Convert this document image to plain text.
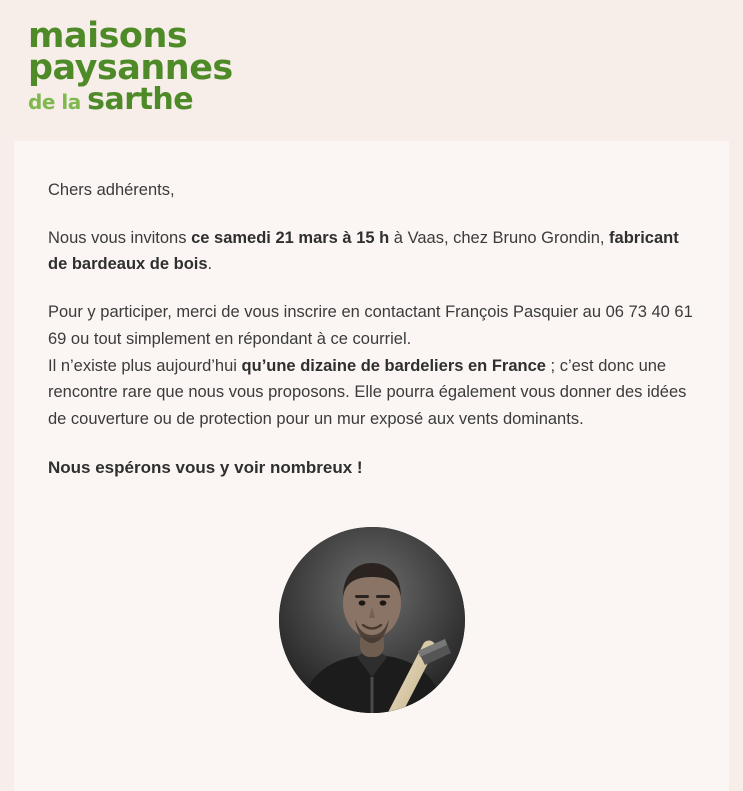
maisons
paysannes
de la sarthe

Chers adhérents,

Nous vous invitons ce samedi 21 mars à 15 h à Vaas, chez Bruno Grondin, fabricant de bardeaux de bois.

Pour y participer, merci de vous inscrire en contactant François Pasquier au 06 73 40 61 69 ou tout simplement en répondant à ce courriel.

Il n’existe plus aujourd’hui qu’une dizaine de bardeliers en France ; c’est donc une rencontre rare que nous vous proposons. Elle pourra également vous donner des idées de couverture ou de protection pour un mur exposé aux vents dominants.

Nous espérons vous y voir nombreux !
